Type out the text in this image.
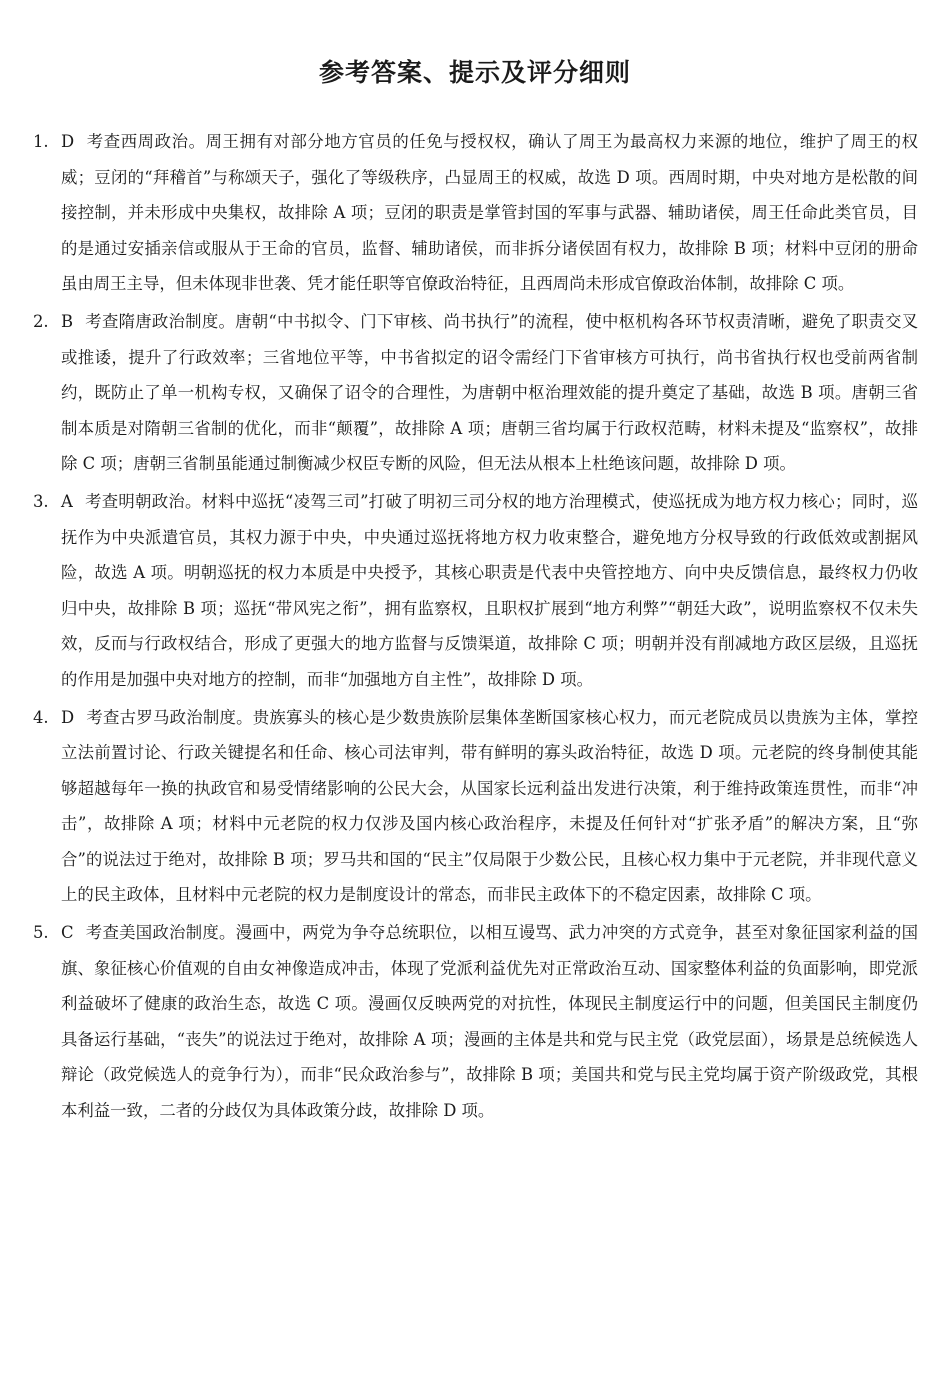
参考答案、提示及评分细则
1. D 考查西周政治。周王拥有对部分地方官员的任免与授权权，确认了周王为最高权力来源的地位，维护了周王的权威；豆闭的“拜稽首”与称颂天子，强化了等级秩序，凸显周王的权威，故选 D 项。西周时期，中央对地方是松散的间接控制，并未形成中央集权，故排除 A 项；豆闭的职责是掌管封国的军事与武器、辅助诸侯，周王任命此类官员，目的是通过安插亲信或服从于王命的官员，监督、辅助诸侯，而非拆分诸侯固有权力，故排除 B 项；材料中豆闭的册命虽由周王主导，但未体现非世袭、凭才能任职等官僚政治特征，且西周尚未形成官僚政治体制，故排除 C 项。
2. B 考查隋唐政治制度。唐朝“中书拟令、门下审核、尚书执行”的流程，使中枢机构各环节权责清晰，避免了职责交叉或推诿，提升了行政效率；三省地位平等，中书省拟定的诏令需经门下省审核方可执行，尚书省执行权也受前两省制约，既防止了单一机构专权，又确保了诏令的合理性，为唐朝中枢治理效能的提升奠定了基础，故选 B 项。唐朝三省制本质是对隋朝三省制的优化，而非“颠覆”，故排除 A 项；唐朝三省均属于行政权范畴，材料未提及“监察权”，故排除 C 项；唐朝三省制虽能通过制衡减少权臣专断的风险，但无法从根本上杜绝该问题，故排除 D 项。
3. A 考查明朝政治。材料中巡抚“凌驾三司”打破了明初三司分权的地方治理模式，使巡抚成为地方权力核心；同时，巡抚作为中央派遣官员，其权力源于中央，中央通过巡抚将地方权力收束整合，避免地方分权导致的行政低效或割据风险，故选 A 项。明朝巡抚的权力本质是中央授予，其核心职责是代表中央管控地方、向中央反馈信息，最终权力仍收归中央，故排除 B 项；巡抚“带风宪之衔”，拥有监察权，且职权扩展到“地方利弊”“朝廷大政”，说明监察权不仅未失效，反而与行政权结合，形成了更强大的地方监督与反馈渠道，故排除 C 项；明朝并没有削减地方政区层级，且巡抚的作用是加强中央对地方的控制，而非“加强地方自主性”，故排除 D 项。
4. D 考查古罗马政治制度。贵族寡头的核心是少数贵族阶层集体垄断国家核心权力，而元老院成员以贵族为主体，掌控立法前置讨论、行政关键提名和任命、核心司法审判，带有鲜明的寡头政治特征，故选 D 项。元老院的终身制使其能够超越每年一换的执政官和易受情绪影响的公民大会，从国家长远利益出发进行决策，利于维持政策连贯性，而非“冲击”，故排除 A 项；材料中元老院的权力仅涉及国内核心政治程序，未提及任何针对“扩张矛盾”的解决方案，且“弥合”的说法过于绝对，故排除 B 项；罗马共和国的“民主”仅局限于少数公民，且核心权力集中于元老院，并非现代意义上的民主政体，且材料中元老院的权力是制度设计的常态，而非民主政体下的不稳定因素，故排除 C 项。
5. C 考查美国政治制度。漫画中，两党为争夺总统职位，以相互谩骂、武力冲突的方式竞争，甚至对象征国家利益的国旗、象征核心价值观的自由女神像造成冲击，体现了党派利益优先对正常政治互动、国家整体利益的负面影响，即党派利益破坏了健康的政治生态，故选 C 项。漫画仅反映两党的对抗性，体现民主制度运行中的问题，但美国民主制度仍具备运行基础，“丧失”的说法过于绝对，故排除 A 项；漫画的主体是共和党与民主党（政党层面），场景是总统候选人辩论（政党候选人的竞争行为），而非“民众政治参与”，故排除 B 项；美国共和党与民主党均属于资产阶级政党，其根本利益一致，二者的分歧仅为具体政策分歧，故排除 D 项。
